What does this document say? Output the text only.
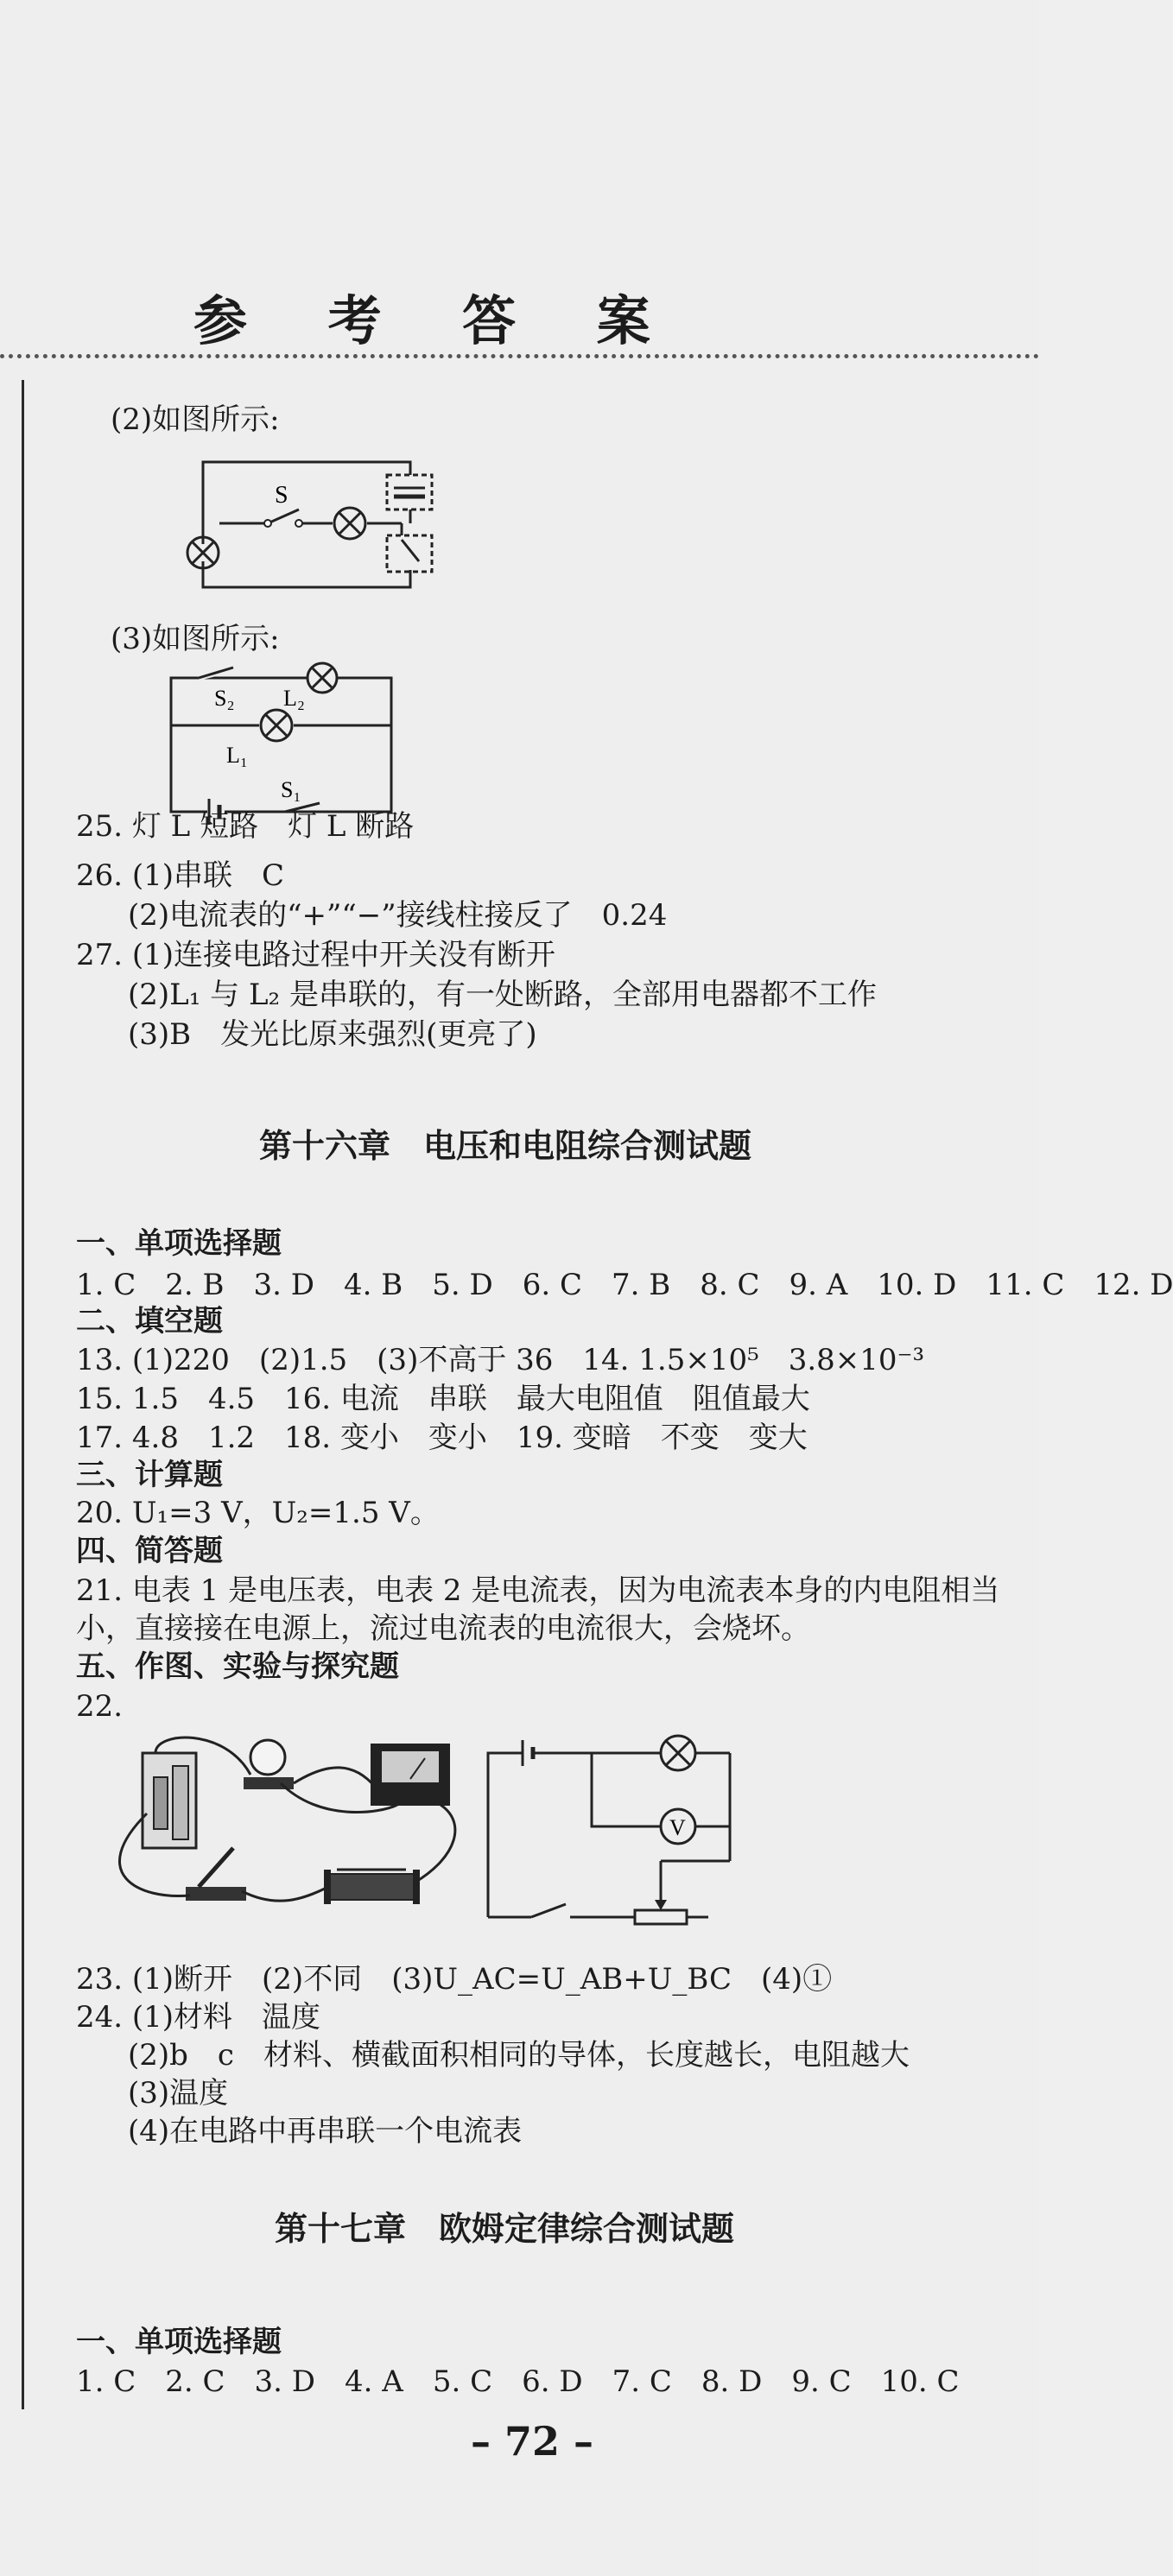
参 考 答 案
(2)如图所示:
S
(3)如图所示:
S₂ L₂
L₁
S₁
25. 灯 L 短路　灯 L 断路
26. (1)串联　C
(2)电流表的“+”“−”接线柱接反了　0.24
27. (1)连接电路过程中开关没有断开
(2)L₁ 与 L₂ 是串联的，有一处断路，全部用电器都不工作
(3)B　发光比原来强烈(更亮了)
第十六章　电压和电阻综合测试题
一、单项选择题
1. C　2. B　3. D　4. B　5. D　6. C　7. B　8. C　9. A　10. D　11. C　12. D
二、填空题
13. (1)220　(2)1.5　(3)不高于 36　14. 1.5×10⁵　3.8×10⁻³
15. 1.5　4.5　16. 电流　串联　最大电阻值　阻值最大
17. 4.8　1.2　18. 变小　变小　19. 变暗　不变　变大
三、计算题
20. U₁=3 V，U₂=1.5 V。
四、简答题
21. 电表 1 是电压表，电表 2 是电流表，因为电流表本身的内电阻相当
小，直接接在电源上，流过电流表的电流很大，会烧坏。
五、作图、实验与探究题
22.
V
23. (1)断开　(2)不同　(3)U_AC=U_AB+U_BC　(4)①
24. (1)材料　温度
(2)b　c　材料、横截面积相同的导体，长度越长，电阻越大
(3)温度
(4)在电路中再串联一个电流表
第十七章　欧姆定律综合测试题
一、单项选择题
1. C　2. C　3. D　4. A　5. C　6. D　7. C　8. D　9. C　10. C
– 72 –
